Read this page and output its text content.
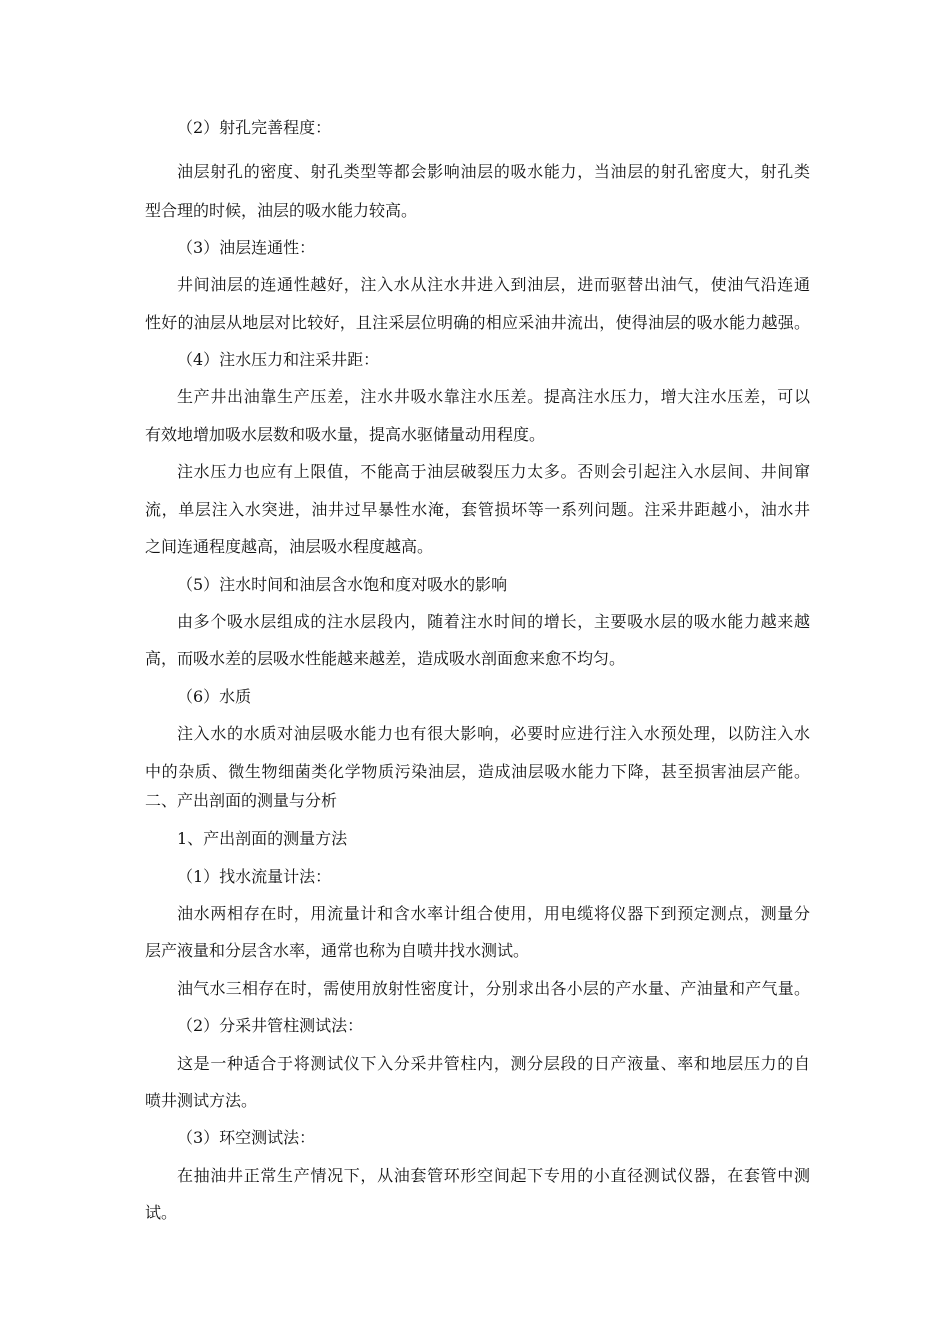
（2）射孔完善程度：
油层射孔的密度、射孔类型等都会影响油层的吸水能力，当油层的射孔密度大，射孔类
型合理的时候，油层的吸水能力较高。
（3）油层连通性：
井间油层的连通性越好，注入水从注水井进入到油层，进而驱替出油气，使油气沿连通
性好的油层从地层对比较好，且注采层位明确的相应采油井流出，使得油层的吸水能力越强。
（4）注水压力和注采井距：
生产井出油靠生产压差，注水井吸水靠注水压差。提高注水压力，增大注水压差，可以
有效地增加吸水层数和吸水量，提高水驱储量动用程度。
注水压力也应有上限值，不能高于油层破裂压力太多。否则会引起注入水层间、井间窜
流，单层注入水突进，油井过早暴性水淹，套管损坏等一系列问题。注采井距越小，油水井
之间连通程度越高，油层吸水程度越高。
（5）注水时间和油层含水饱和度对吸水的影响
由多个吸水层组成的注水层段内，随着注水时间的增长，主要吸水层的吸水能力越来越
高，而吸水差的层吸水性能越来越差，造成吸水剖面愈来愈不均匀。
（6）水质
注入水的水质对油层吸水能力也有很大影响，必要时应进行注入水预处理，以防注入水
中的杂质、微生物细菌类化学物质污染油层，造成油层吸水能力下降，甚至损害油层产能。
二、产出剖面的测量与分析
1、产出剖面的测量方法
（1）找水流量计法：
油水两相存在时，用流量计和含水率计组合使用，用电缆将仪器下到预定测点，测量分
层产液量和分层含水率，通常也称为自喷井找水测试。
油气水三相存在时，需使用放射性密度计，分别求出各小层的产水量、产油量和产气量。
（2）分采井管柱测试法：
这是一种适合于将测试仪下入分采井管柱内，测分层段的日产液量、率和地层压力的自
喷井测试方法。
（3）环空测试法：
在抽油井正常生产情况下，从油套管环形空间起下专用的小直径测试仪器，在套管中测
试。
